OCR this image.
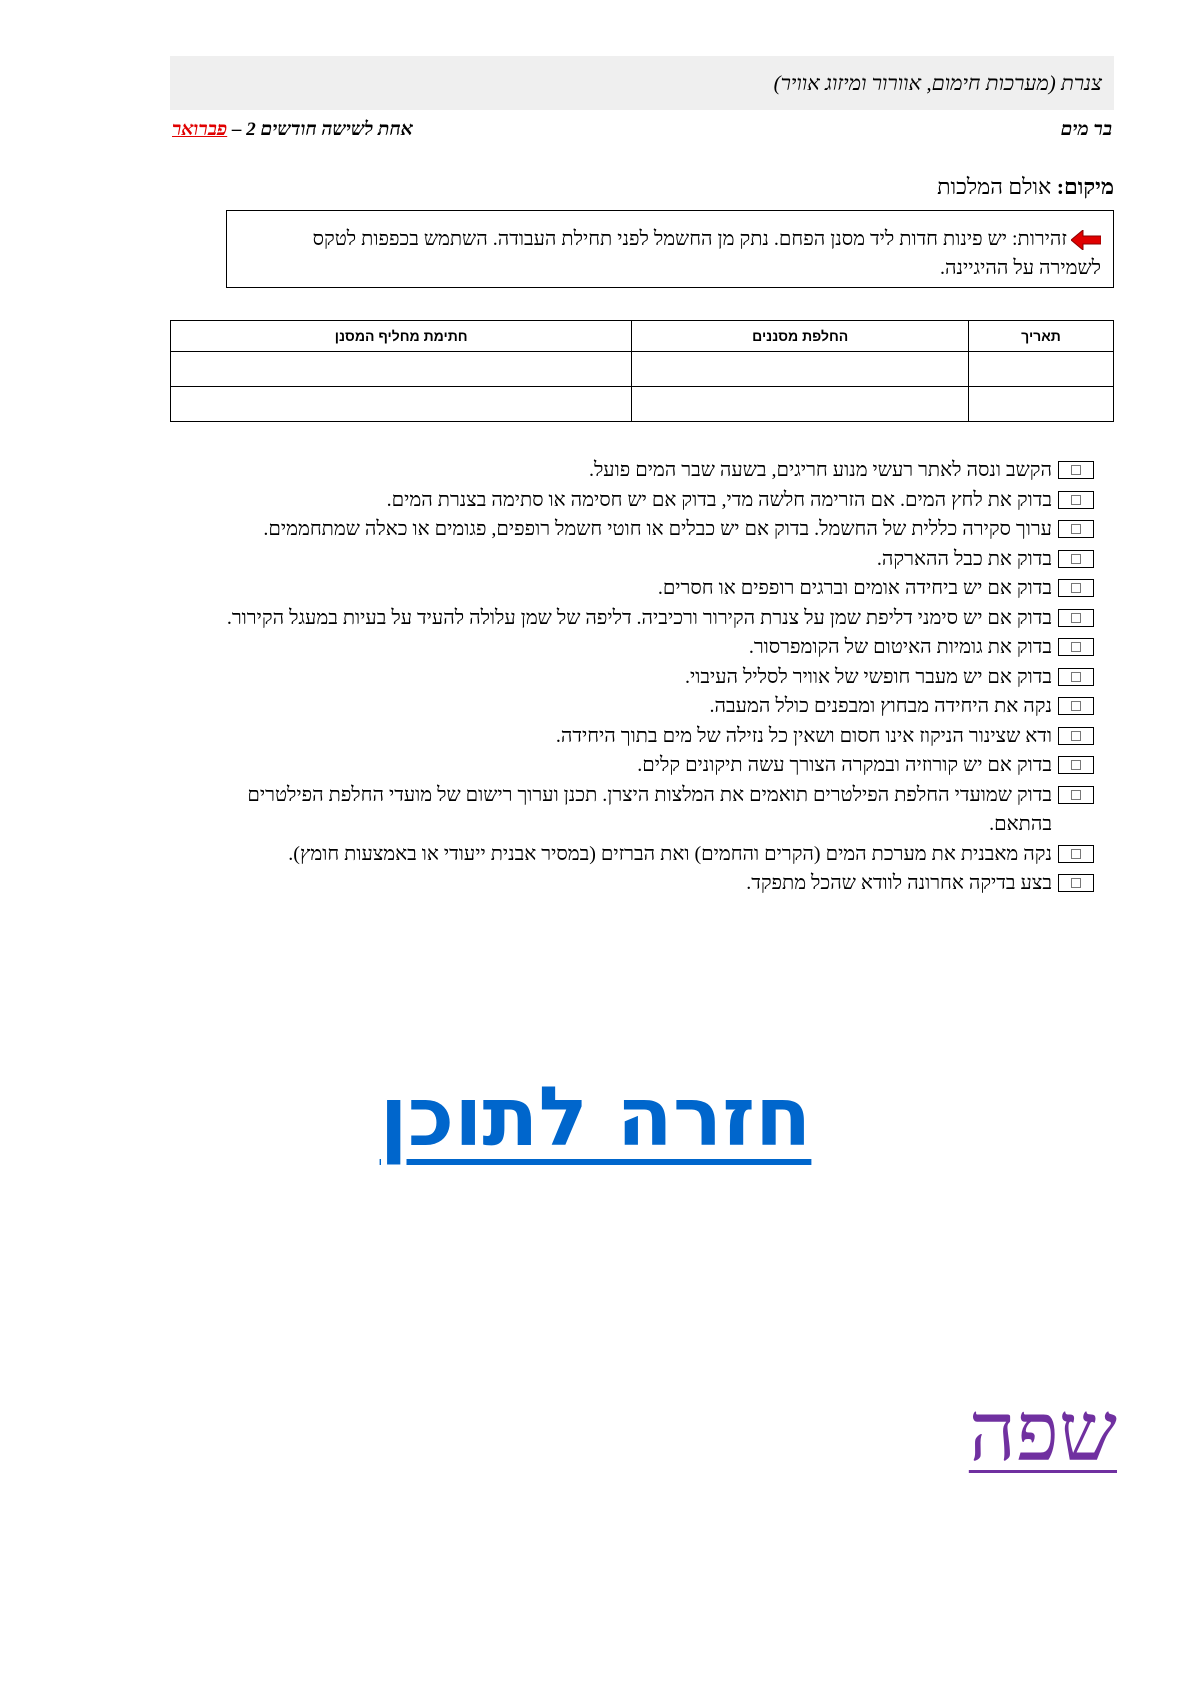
צנרת (מערכות חימום, אוורור ומיזוג אוויר)
בר מים
אחת לשישה חודשים 2 – פברואר
מיקום: אולם המלכות
זהירות: יש פינות חדות ליד מסנן הפחם. נתק מן החשמל לפני תחילת העבודה. השתמש בכפפות לטקס לשמירה על ההיגיינה.
תאריך	החלפת מסננים	חתימת מחליף המסנן

הקשב ונסה לאתר רעשי מנוע חריגים, בשעה שבר המים פועל.
בדוק את לחץ המים. אם הזרימה חלשה מדי, בדוק אם יש חסימה או סתימה בצנרת המים.
ערוך סקירה כללית של החשמל. בדוק אם יש כבלים או חוטי חשמל רופפים, פגומים או כאלה שמתחממים.
בדוק את כבל ההארקה.
בדוק אם יש ביחידה אומים וברגים רופפים או חסרים.
בדוק אם יש סימני דליפת שמן על צנרת הקירור ורכיביה. דליפה של שמן עלולה להעיד על בעיות במעגל הקירור.
בדוק את גומיות האיטום של הקומפרסור.
בדוק אם יש מעבר חופשי של אוויר לסליל העיבוי.
נקה את היחידה מבחוץ ומבפנים כולל המעבה.
ודא שצינור הניקוז אינו חסום ושאין כל נזילה של מים בתוך היחידה.
בדוק אם יש קורוזיה ובמקרה הצורך עשה תיקונים קלים.
בדוק שמועדי החלפת הפילטרים תואמים את המלצות היצרן. תכנן וערוך רישום של מועדי החלפת הפילטרים בהתאם.
נקה מאבנית את מערכת המים (הקרים והחמים) ואת הברזים (במסיר אבנית ייעודי או באמצעות חומץ).
בצע בדיקה אחרונה לוודא שהכל מתפקד.
חזרה לתוכן
שפה
